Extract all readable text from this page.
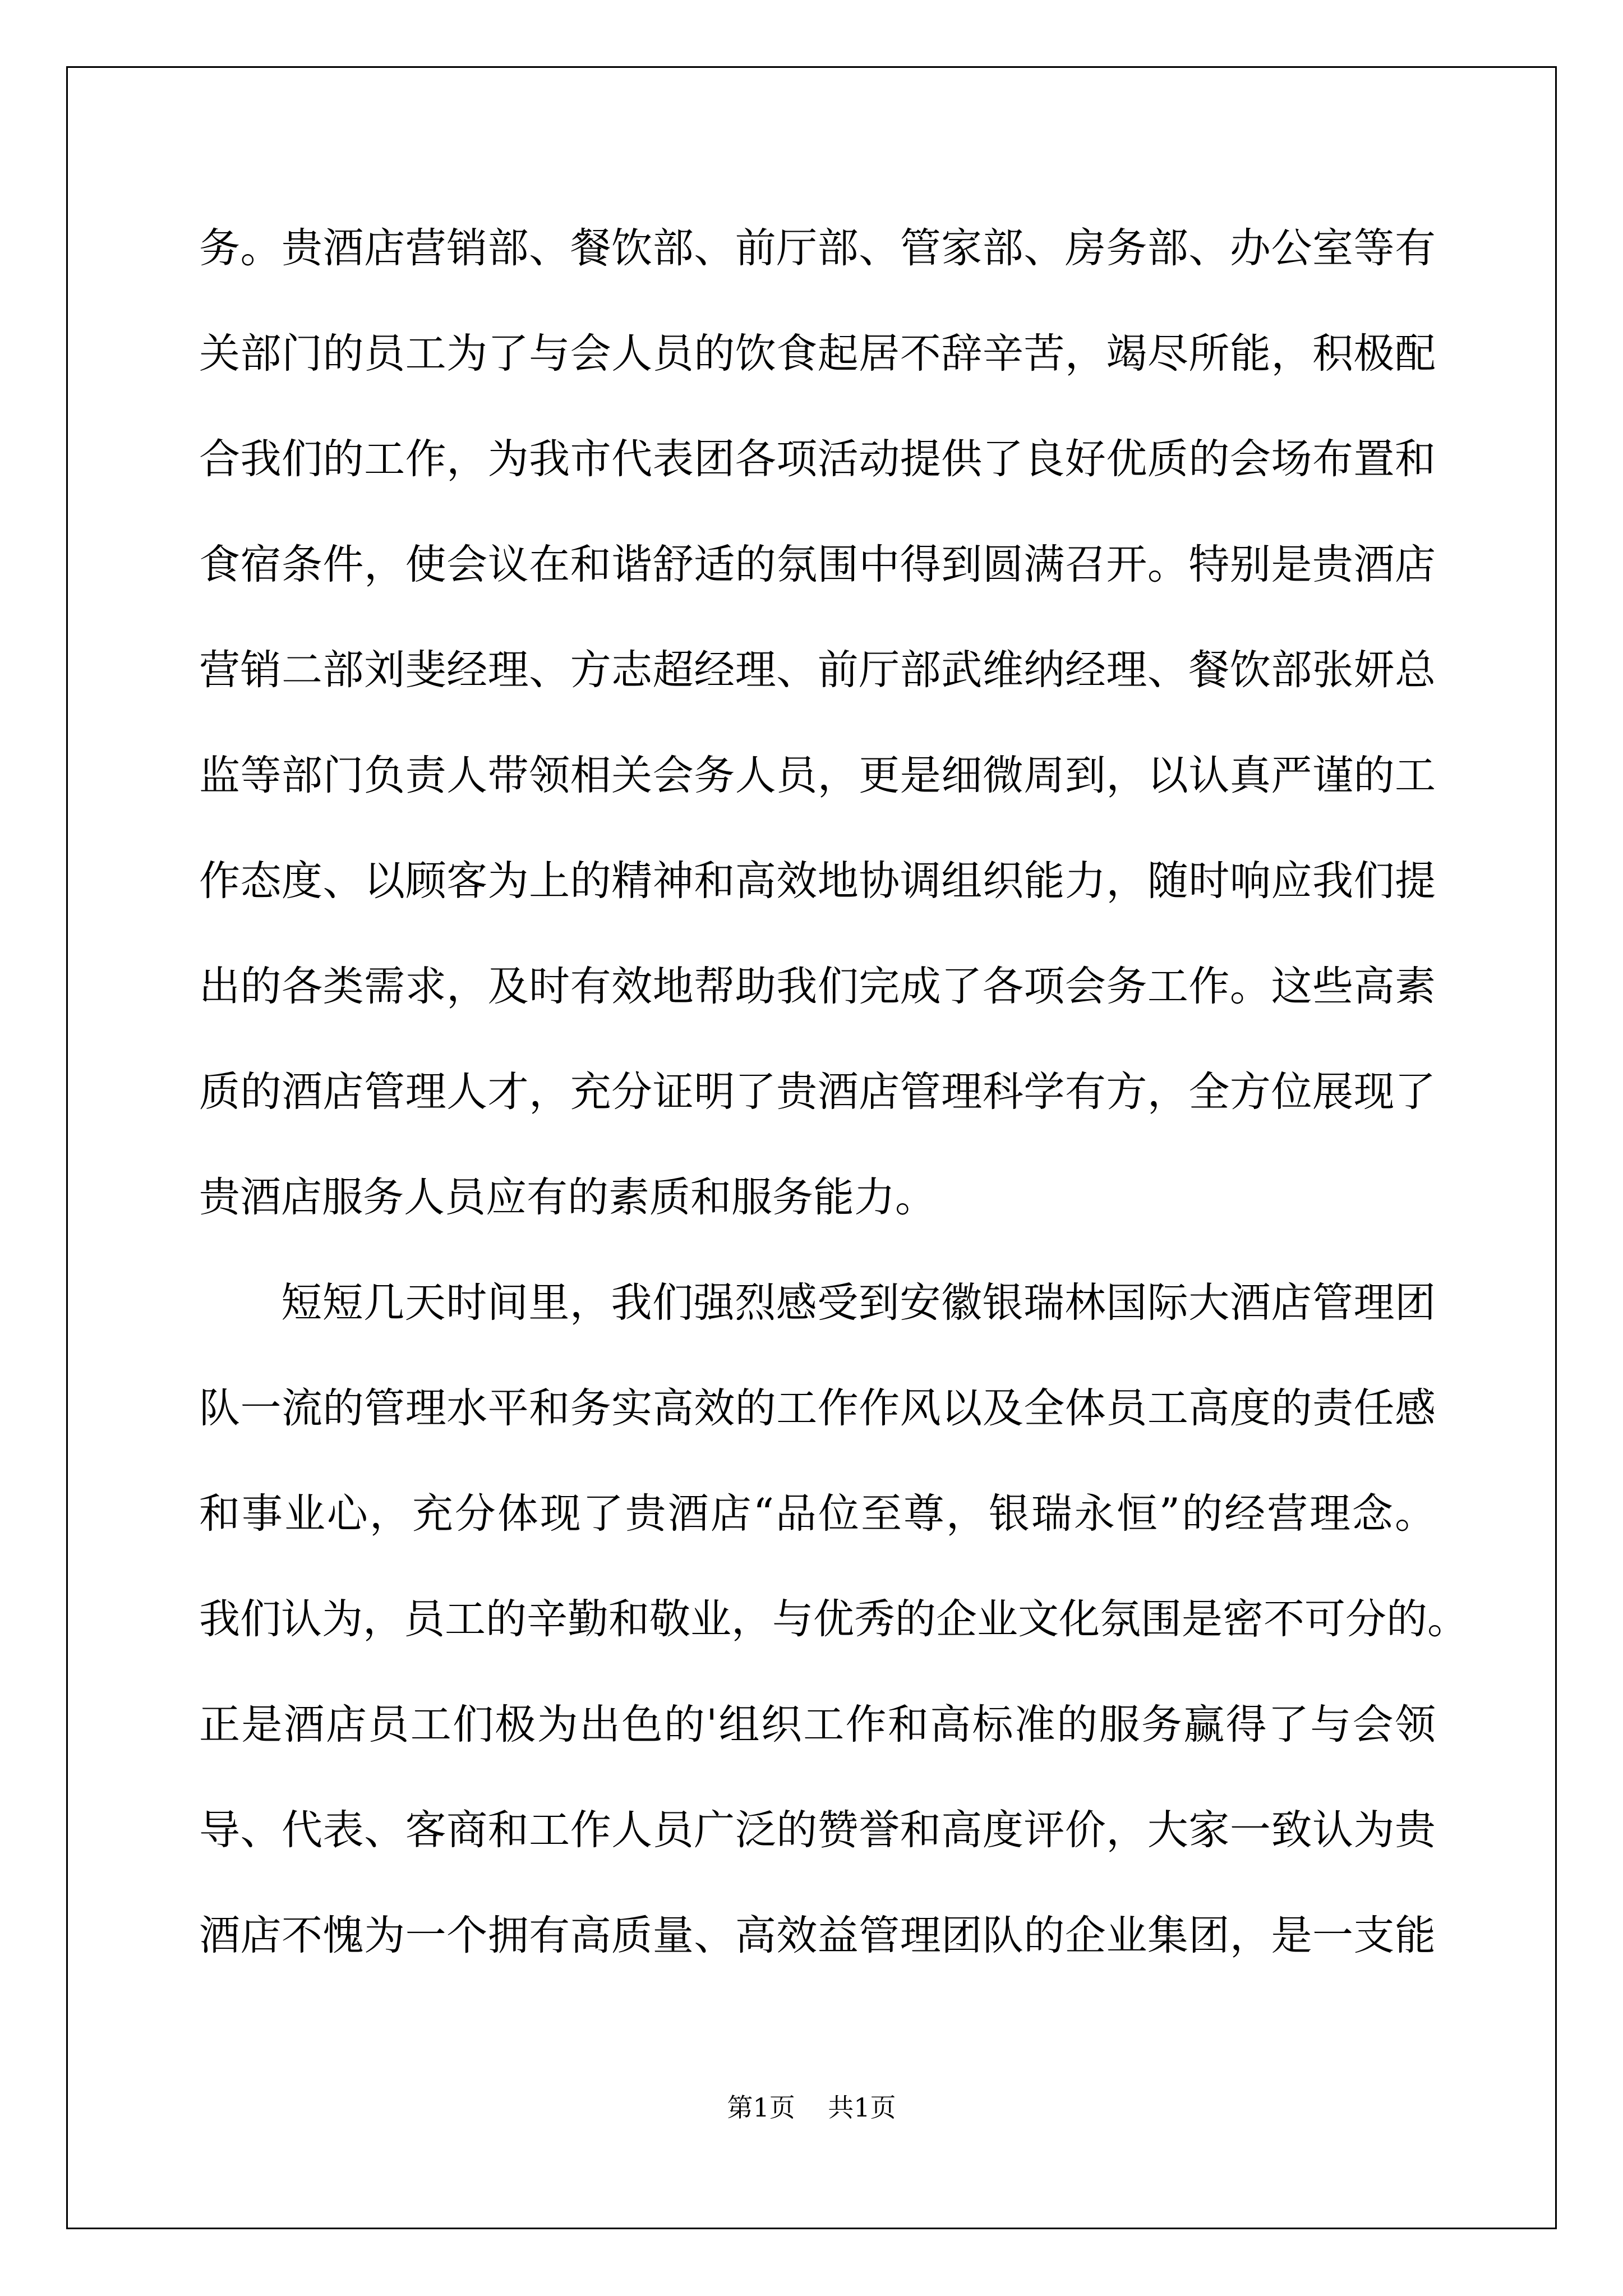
务。贵酒店营销部、餐饮部、前厅部、管家部、房务部、办公室等有
关部门的员工为了与会人员的饮食起居不辞辛苦，竭尽所能，积极配
合我们的工作，为我市代表团各项活动提供了良好优质的会场布置和
食宿条件，使会议在和谐舒适的氛围中得到圆满召开。特别是贵酒店
营销二部刘斐经理、方志超经理、前厅部武维纳经理、餐饮部张妍总
监等部门负责人带领相关会务人员，更是细微周到，以认真严谨的工
作态度、以顾客为上的精神和高效地协调组织能力，随时响应我们提
出的各类需求，及时有效地帮助我们完成了各项会务工作。这些高素
质的酒店管理人才，充分证明了贵酒店管理科学有方，全方位展现了
贵酒店服务人员应有的素质和服务能力。
短短几天时间里，我们强烈感受到安徽银瑞林国际大酒店管理团
队一流的管理水平和务实高效的工作作风以及全体员工高度的责任感
和事业心，充分体现了贵酒店“品位至尊，银瑞永恒”的经营理念。
我们认为，员工的辛勤和敬业，与优秀的企业文化氛围是密不可分的。
正是酒店员工们极为出色的'组织工作和高标准的服务赢得了与会领
导、代表、客商和工作人员广泛的赞誉和高度评价，大家一致认为贵
酒店不愧为一个拥有高质量、高效益管理团队的企业集团，是一支能
第1页    共1页
